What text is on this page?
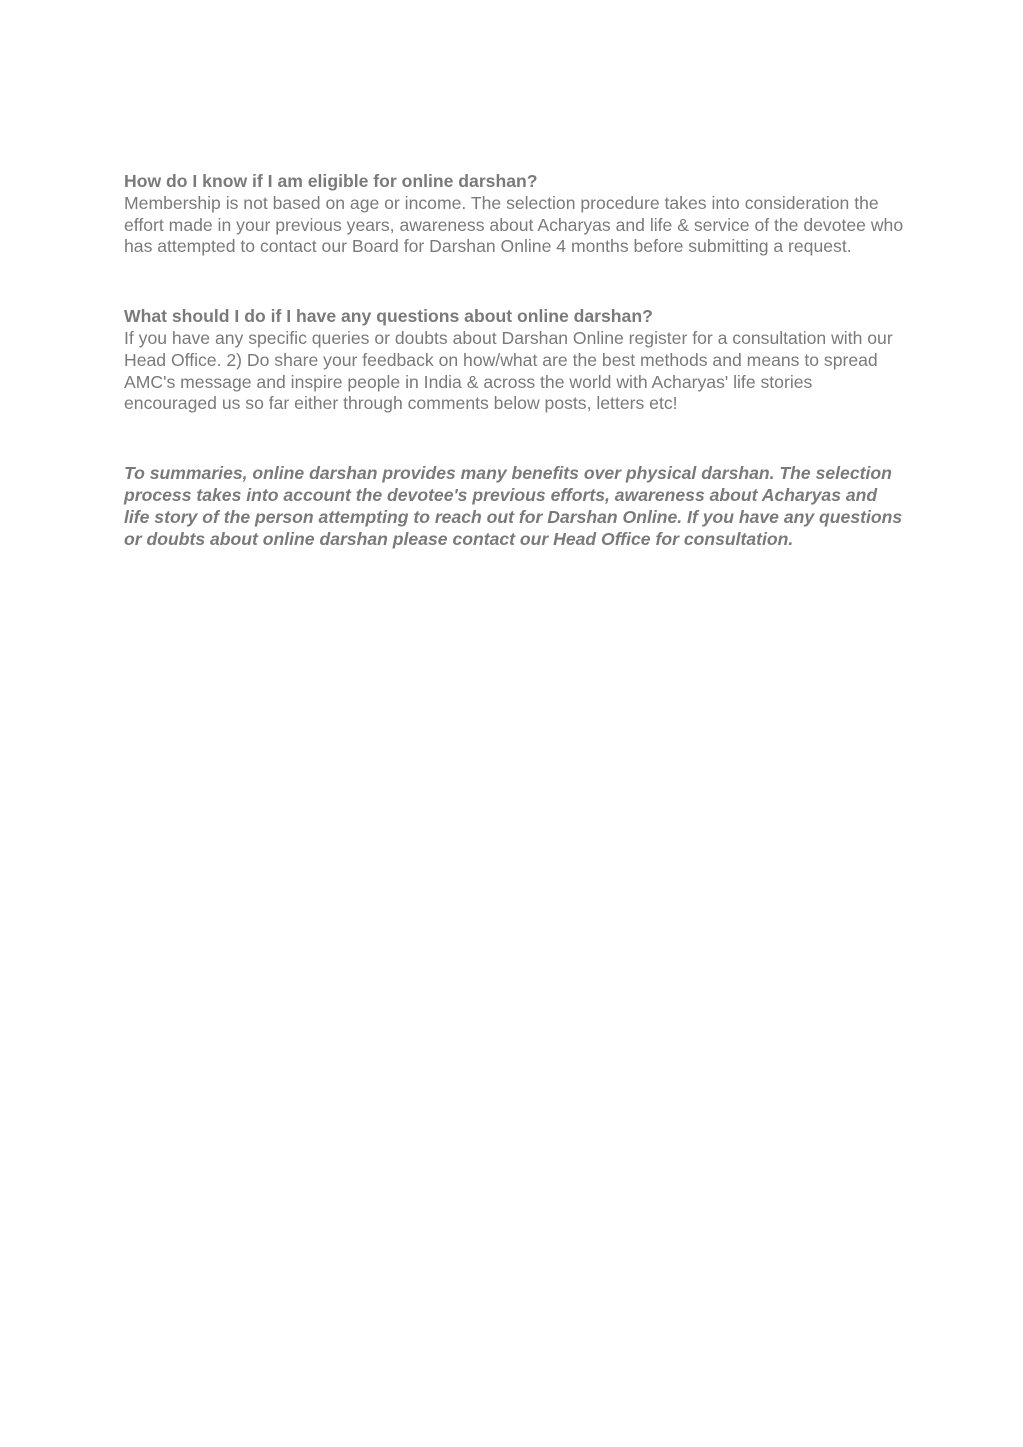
How do I know if I am eligible for online darshan?
Membership is not based on age or income. The selection procedure takes into consideration the effort made in your previous years, awareness about Acharyas and life & service of the devotee who has attempted to contact our Board for Darshan Online 4 months before submitting a request.
What should I do if I have any questions about online darshan?
If you have any specific queries or doubts about Darshan Online register for a consultation with our Head Office. 2) Do share your feedback on how/what are the best methods and means to spread AMC's message and inspire people in India & across the world with Acharyas' life stories encouraged us so far either through comments below posts, letters etc!
To summaries, online darshan provides many benefits over physical darshan. The selection process takes into account the devotee's previous efforts, awareness about Acharyas and life story of the person attempting to reach out for Darshan Online. If you have any questions or doubts about online darshan please contact our Head Office for consultation.
